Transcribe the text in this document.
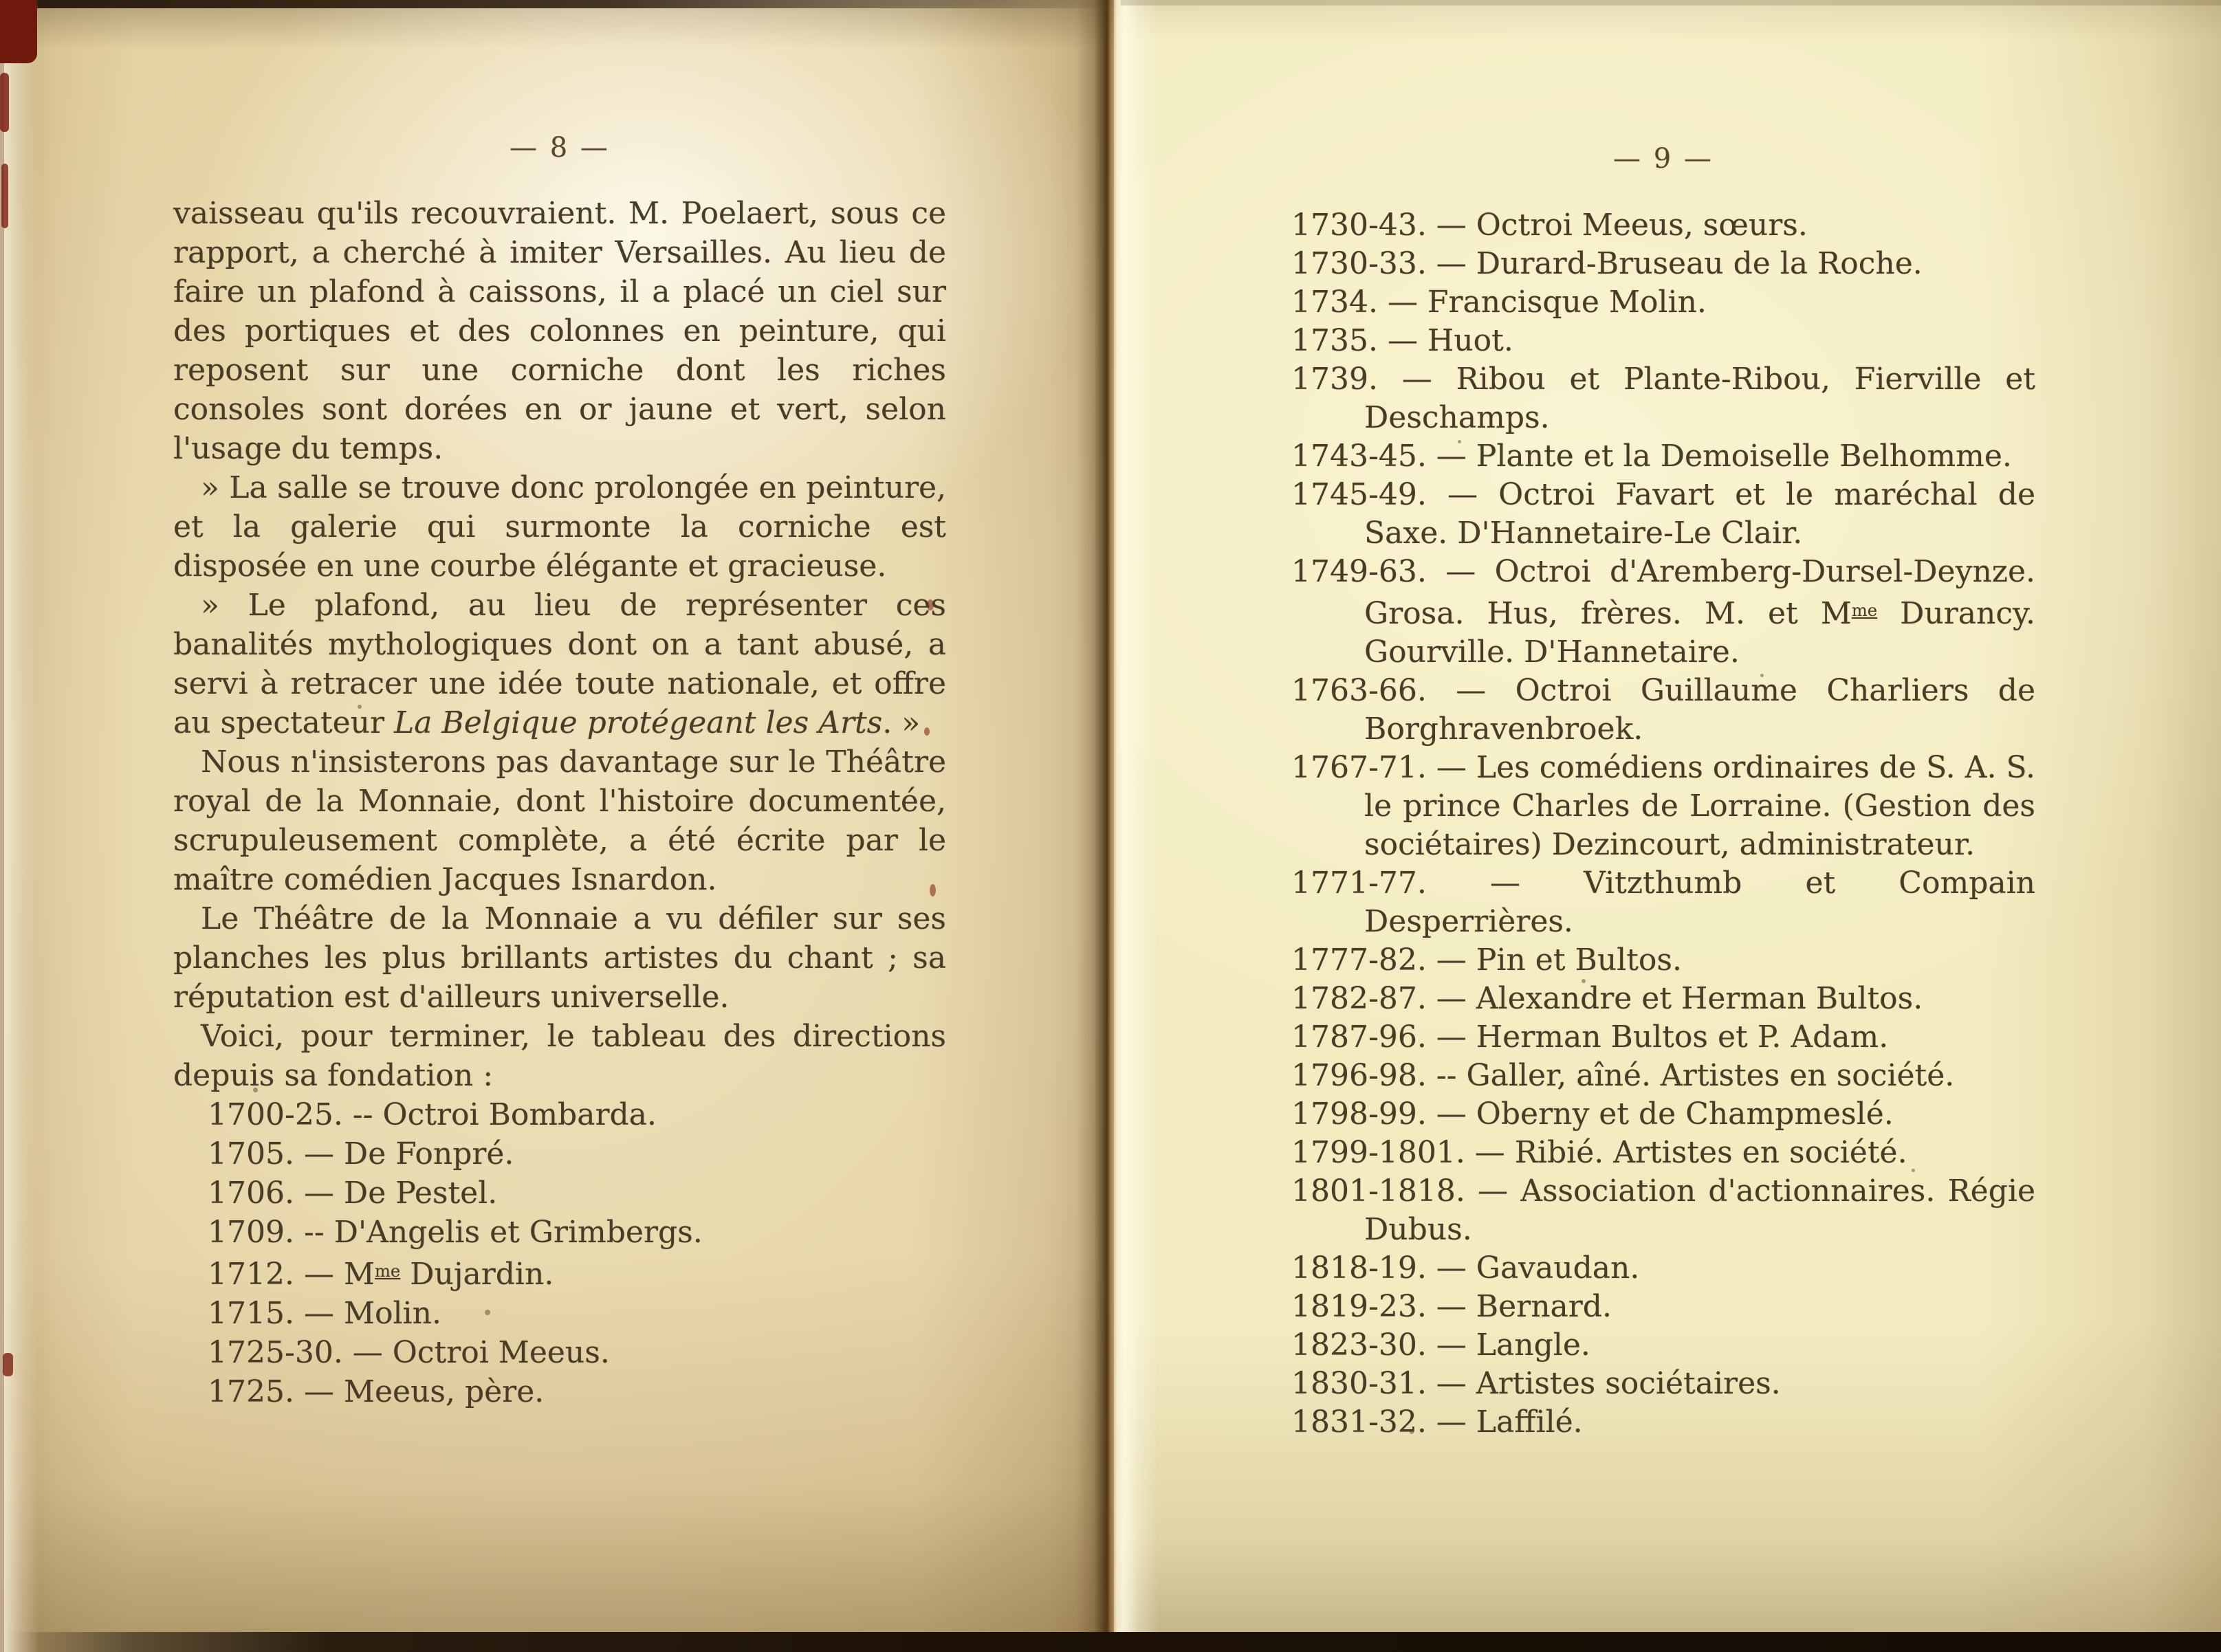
— 8 —

vaisseau qu'ils recouvraient. M. Poelaert, sous ce rapport, a cherché à imiter Versailles. Au lieu de faire un plafond à caissons, il a placé un ciel sur des portiques et des colonnes en peinture, qui reposent sur une corniche dont les riches consoles sont dorées en or jaune et vert, selon l'usage du temps.

» La salle se trouve donc prolongée en peinture, et la galerie qui surmonte la corniche est disposée en une courbe élégante et gracieuse.

» Le plafond, au lieu de représenter ces banalités mythologiques dont on a tant abusé, a servi à retracer une idée toute nationale, et offre au spectateur La Belgique protégeant les Arts. »

Nous n'insisterons pas davantage sur le Théâtre royal de la Monnaie, dont l'histoire documentée, scrupuleusement complète, a été écrite par le maître comédien Jacques Isnardon.

Le Théâtre de la Monnaie a vu défiler sur ses planches les plus brillants artistes du chant ; sa réputation est d'ailleurs universelle.

Voici, pour terminer, le tableau des directions depuis sa fondation :

1700-25. -- Octroi Bombarda.
1705. — De Fonpré.
1706. — De Pestel.
1709. -- D'Angelis et Grimbergs.
1712. — $M^{me}$ Dujardin.
1715. — Molin.
1725-30. — Octroi Meeus.
1725. — Meeus, père.
— 9 —
1730-43. — Octroi Meeus, sœurs.
1730-33. — Durard-Bruseau de la Roche.
1734. — Francisque Molin.
1735. — Huot.
1739. — Ribou et Plante-Ribou, Fierville et Deschamps.
1743-45. — Plante et la Demoiselle Belhomme.
1745-49. — Octroi Favart et le maréchal de Saxe. D'Hannetaire-Le Clair.
1749-63. — Octroi d'Aremberg-Dursel-Deynze. Grosa. Hus, frères. M. et $M^{me}$ Durancy. Gourville. D'Hannetaire.
1763-66. — Octroi Guillaume Charliers de Borghravenbroek.
1767-71. — Les comédiens ordinaires de S. A. S. le prince Charles de Lorraine. (Gestion des sociétaires) Dezincourt, administrateur.
1771-77. — Vitzthumb et Compain Desperrières.
1777-82. — Pin et Bultos.
1782-87. — Alexandre et Herman Bultos.
1787-96. — Herman Bultos et P. Adam.
1796-98. -- Galler, aîné. Artistes en société.
1798-99. — Oberny et de Champmeslé.
1799-1801. — Ribié. Artistes en société.
1801-1818. — Association d'actionnaires. Régie Dubus.
1818-19. — Gavaudan.
1819-23. — Bernard.
1823-30. — Langle.
1830-31. — Artistes sociétaires.
1831-32. — Laffilé.
